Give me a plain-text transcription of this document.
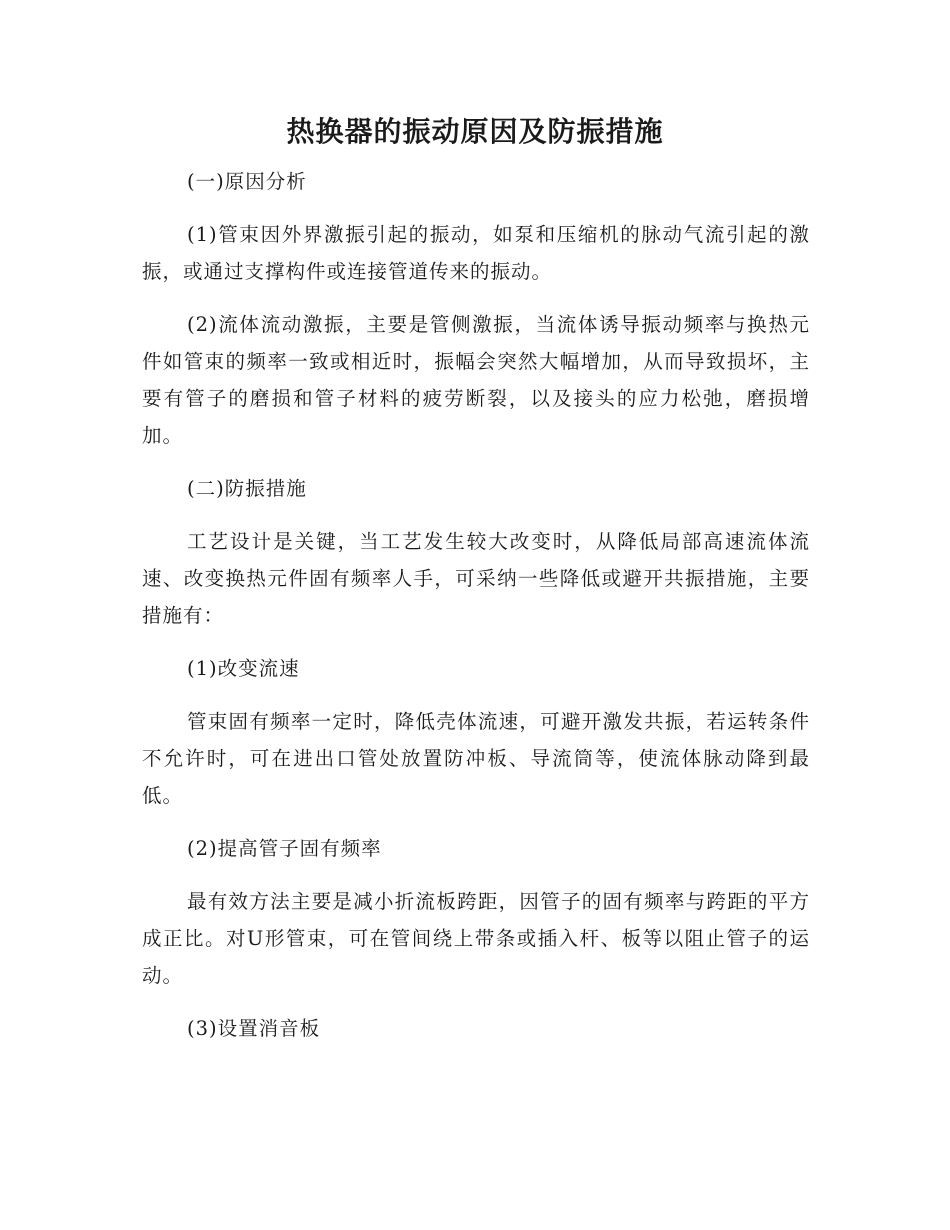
热换器的振动原因及防振措施

(一)原因分析

(1)管束因外界激振引起的振动，如泵和压缩机的脉动气流引起的激振，或通过支撑构件或连接管道传来的振动。

(2)流体流动激振，主要是管侧激振，当流体诱导振动频率与换热元件如管束的频率一致或相近时，振幅会突然大幅增加，从而导致损坏，主要有管子的磨损和管子材料的疲劳断裂，以及接头的应力松弛，磨损增加。

(二)防振措施

工艺设计是关键，当工艺发生较大改变时，从降低局部高速流体流速、改变换热元件固有频率人手，可采纳一些降低或避开共振措施，主要措施有：

(1)改变流速

管束固有频率一定时，降低壳体流速，可避开激发共振，若运转条件不允许时，可在进出口管处放置防冲板、导流筒等，使流体脉动降到最低。

(2)提高管子固有频率

最有效方法主要是减小折流板跨距，因管子的固有频率与跨距的平方成正比。对U形管束，可在管间绕上带条或插入杆、板等以阻止管子的运动。

(3)设置消音板
